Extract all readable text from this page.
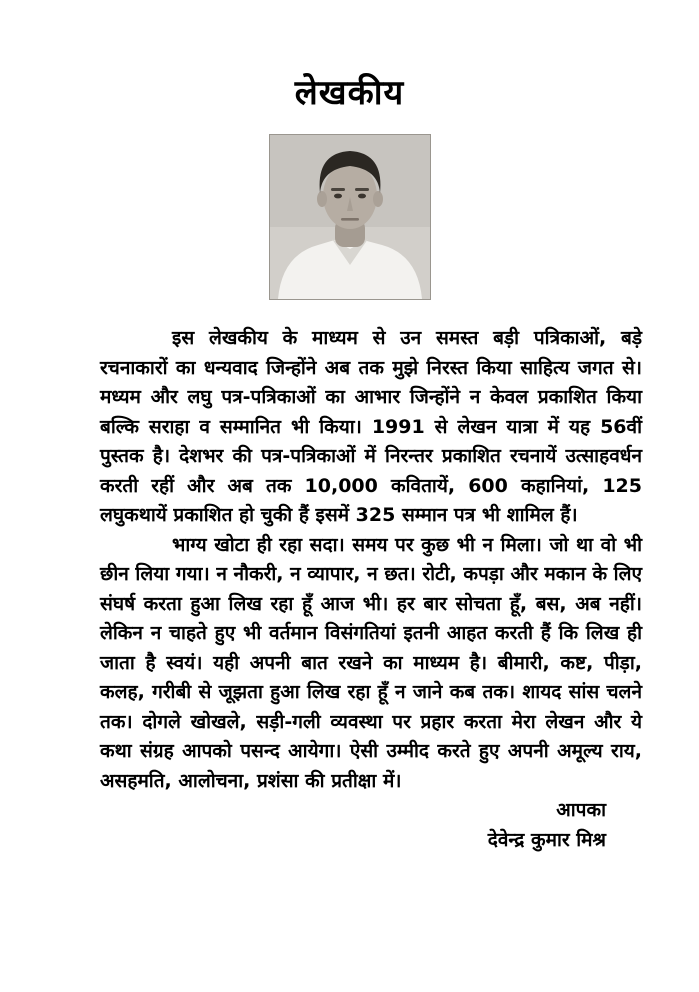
लेखकीय

इस लेखकीय के माध्यम से उन समस्त बड़ी पत्रिकाओं, बड़े रचनाकारों का धन्यवाद जिन्होंने अब तक मुझे निरस्त किया साहित्य जगत से। मध्यम और लघु पत्र-पत्रिकाओं का आभार जिन्होंने न केवल प्रकाशित किया बल्कि सराहा व सम्मानित भी किया। 1991 से लेखन यात्रा में यह 56वीं पुस्तक है। देशभर की पत्र-पत्रिकाओं में निरन्तर प्रकाशित रचनायें उत्साहवर्धन करती रहीं और अब तक 10,000 कवितायें, 600 कहानियां, 125 लघुकथायें प्रकाशित हो चुकी हैं इसमें 325 सम्मान पत्र भी शामिल हैं।

भाग्य खोटा ही रहा सदा। समय पर कुछ भी न मिला। जो था वो भी छीन लिया गया। न नौकरी, न व्यापार, न छत। रोटी, कपड़ा और मकान के लिए संघर्ष करता हुआ लिख रहा हूँ आज भी। हर बार सोचता हूँ, बस, अब नहीं। लेकिन न चाहते हुए भी वर्तमान विसंगतियां इतनी आहत करती हैं कि लिख ही जाता है स्वयं। यही अपनी बात रखने का माध्यम है। बीमारी, कष्ट, पीड़ा, कलह, गरीबी से जूझता हुआ लिख रहा हूँ न जाने कब तक। शायद सांस चलने तक। दोगले खोखले, सड़ी-गली व्यवस्था पर प्रहार करता मेरा लेखन और ये कथा संग्रह आपको पसन्द आयेगा। ऐसी उम्मीद करते हुए अपनी अमूल्य राय, असहमति, आलोचना, प्रशंसा की प्रतीक्षा में।

आपका

देवेन्द्र कुमार मिश्र
